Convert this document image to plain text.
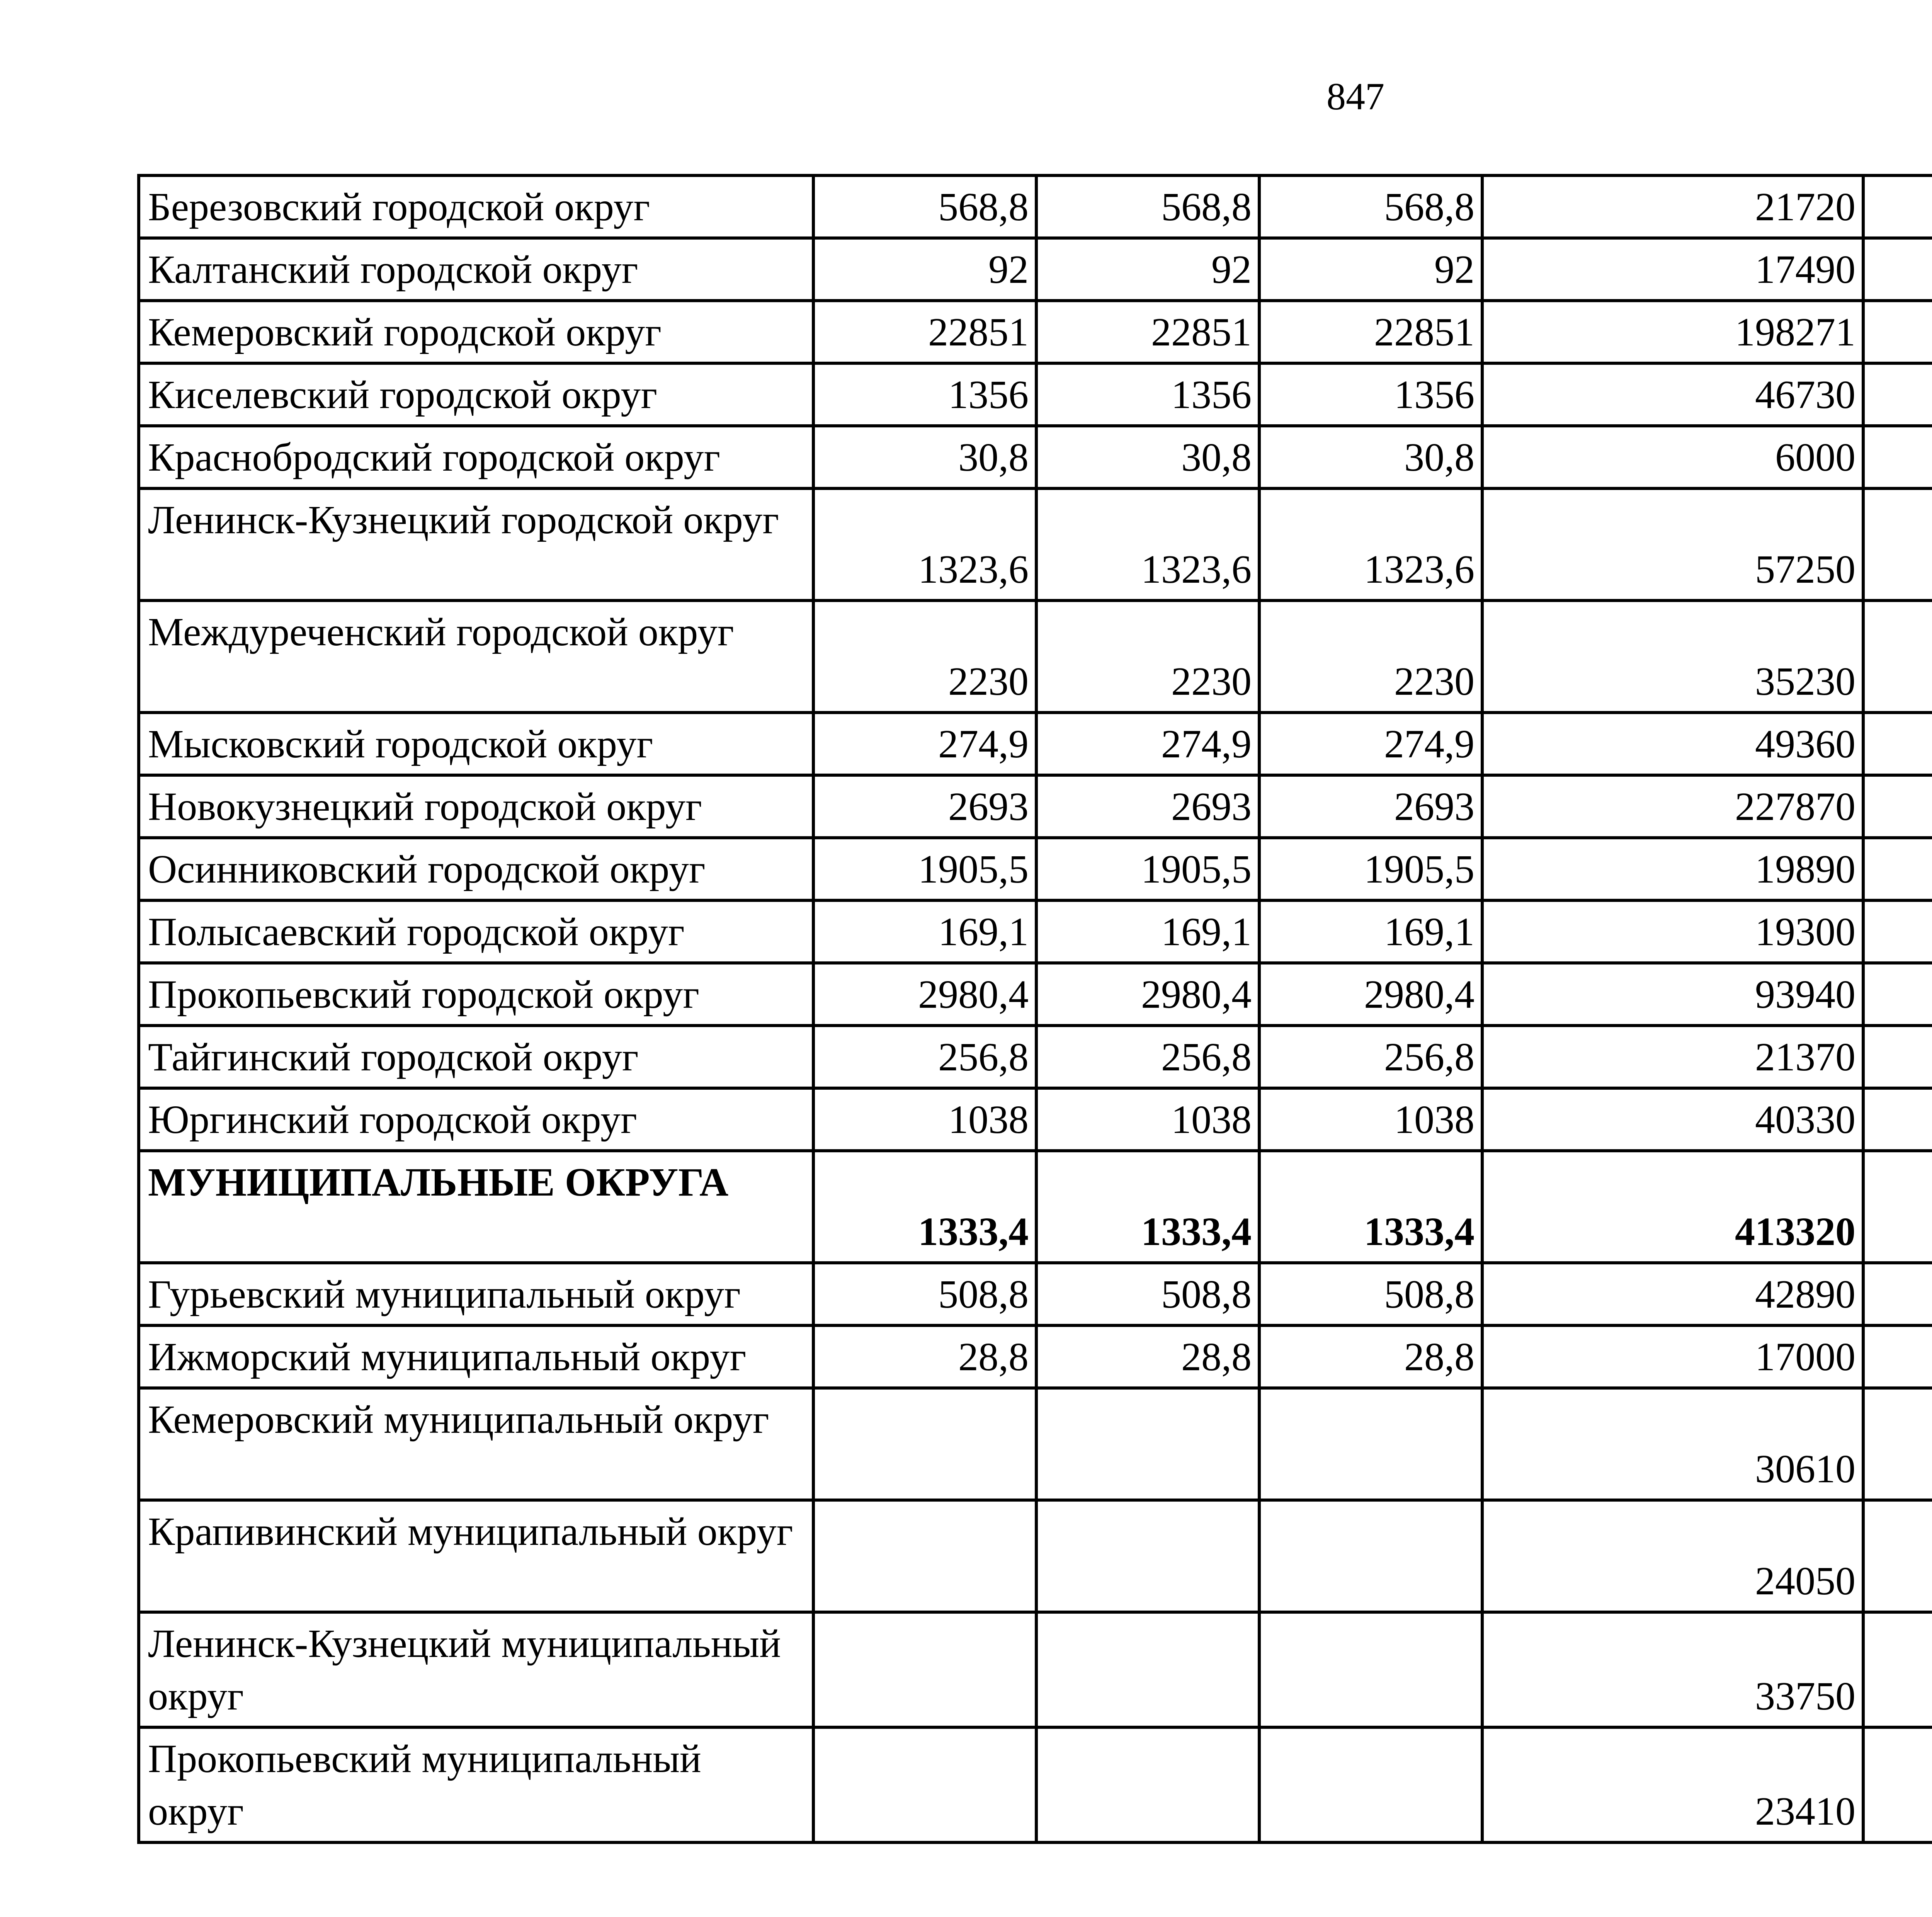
847
Березовский городской округ	568,8	568,8	568,8	21720		
Калтанский городской округ	92	92	92	17490		
Кемеровский городской округ	22851	22851	22851	198271		
Киселевский городской округ	1356	1356	1356	46730		
Краснобродский городской округ	30,8	30,8	30,8	6000		
Ленинск-Кузнецкий городской округ	1323,6	1323,6	1323,6	57250		
Междуреченский городской округ	2230	2230	2230	35230		
Мысковский городской округ	274,9	274,9	274,9	49360		
Новокузнецкий городской округ	2693	2693	2693	227870		
Осинниковский городской округ	1905,5	1905,5	1905,5	19890		
Полысаевский городской округ	169,1	169,1	169,1	19300		
Прокопьевский городской округ	2980,4	2980,4	2980,4	93940		
Тайгинский городской округ	256,8	256,8	256,8	21370		
Юргинский городской округ	1038	1038	1038	40330		
МУНИЦИПАЛЬНЫЕ ОКРУГА	1333,4	1333,4	1333,4	413320		
Гурьевский муниципальный округ	508,8	508,8	508,8	42890		
Ижморский муниципальный округ	28,8	28,8	28,8	17000		
Кемеровский муниципальный округ				30610		
Крапивинский муниципальный округ				24050		
Ленинск-Кузнецкий муниципальный округ				33750		
Прокопьевский муниципальный округ				23410		
